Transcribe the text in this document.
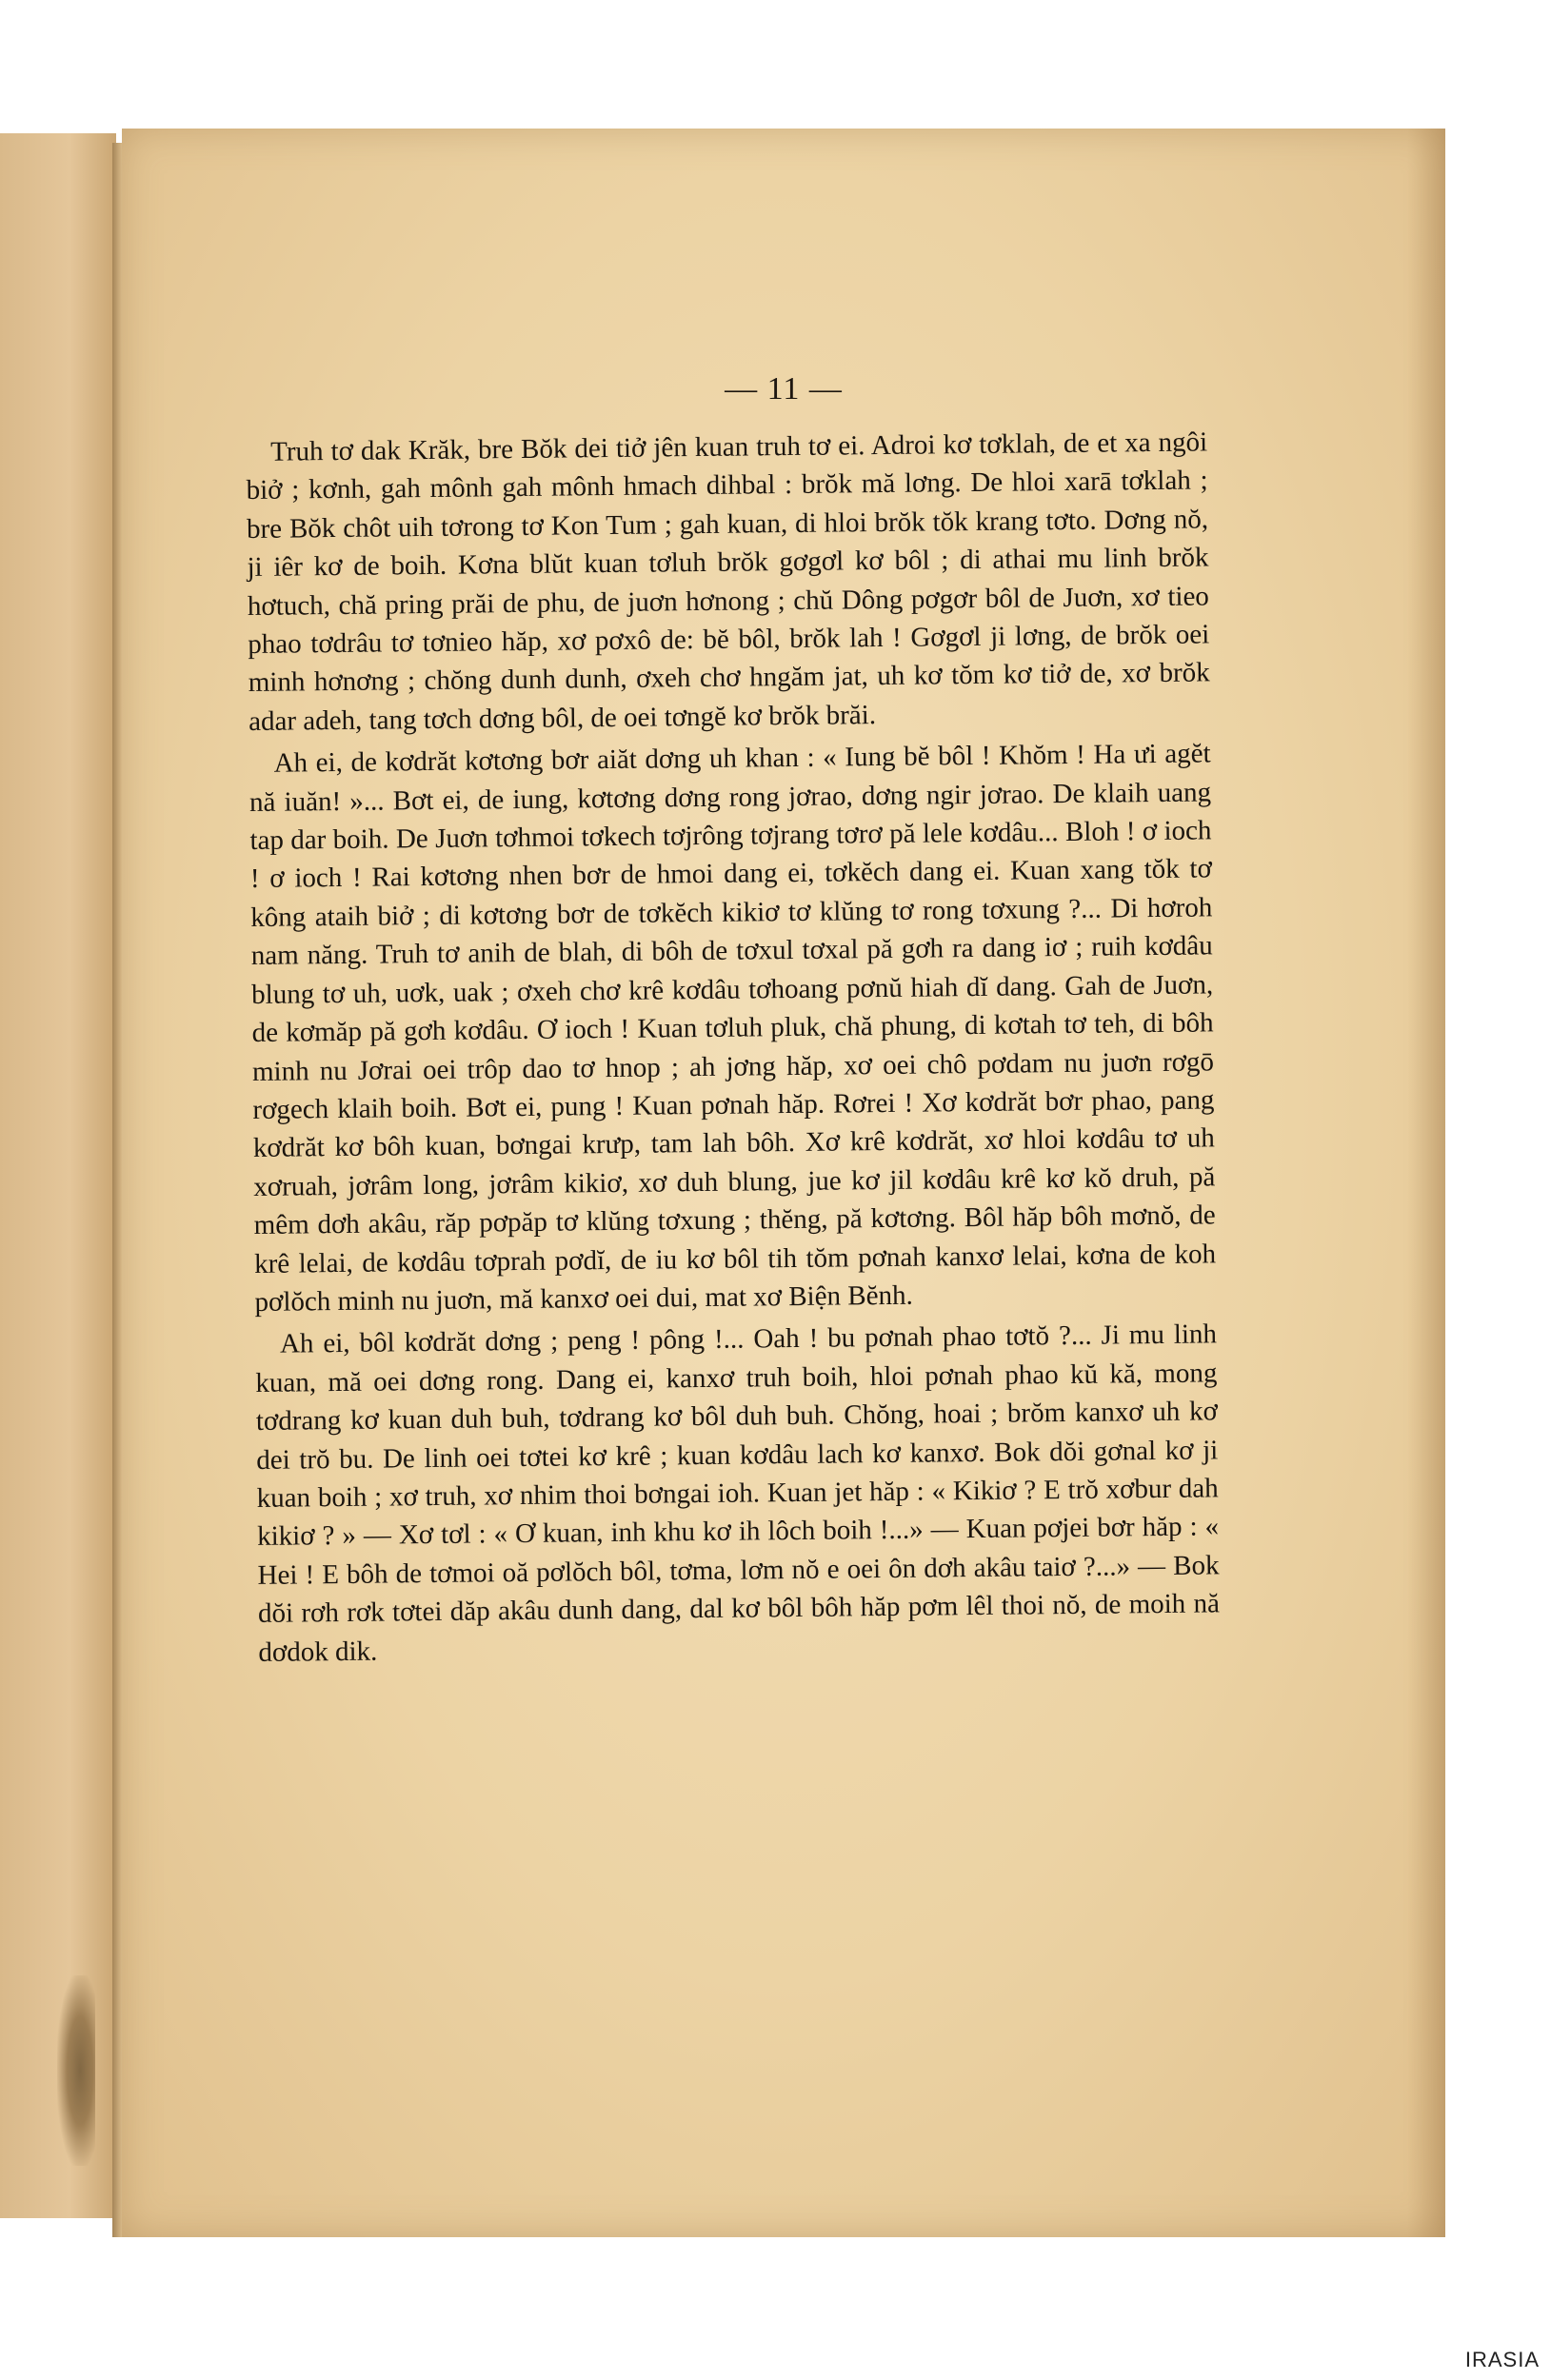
— 11 —

Truh tơ dak Krăk, bre Bŏk dei tiở jên kuan truh tơ ei. Adroi kơ tơklah, de et xa ngôi biở ; kơnh, gah mônh gah mônh hmach dihbal : brŏk mă lơng. De hloi xarā tơklah ; bre Bŏk chôt uih tơrong tơ Kon Tum ; gah kuan, di hloi brŏk tŏk krang tơto. Dơng nŏ, ji iêr kơ de boih. Kơna blŭt kuan tơluh brŏk gơgơl kơ bôl ; di athai mu linh brŏk hơtuch, chă pring prăi de phu, de juơn hơnong ; chŭ Dông pơgơr bôl de Juơn, xơ tieo phao tơdrâu tơ tơnieo hăp, xơ pơxô de: bĕ bôl, brŏk lah ! Gơgơl ji lơng, de brŏk oei minh hơnơng ; chŏng dunh dunh, ơxeh chơ hngăm jat, uh kơ tŏm kơ tiở de, xơ brŏk adar adeh, tang tơch dơng bôl, de oei tơngĕ kơ brŏk brăi.

Ah ei, de kơdrăt kơtơng bơr aiăt dơng uh khan : « Iung bĕ bôl ! Khŏm ! Ha ưi agĕt nă iuăn! »... Bơt ei, de iung, kơtơng dơng rong jơrao, dơng ngir jơrao. De klaih uang tap dar boih. De Juơn tơhmoi tơkech tơjrông tơjrang tơrơ pă lele kơdâu... Bloh ! ơ ioch ! ơ ioch ! Rai kơtơng nhen bơr de hmoi dang ei, tơkĕch dang ei. Kuan xang tŏk tơ kông ataih biở ; di kơtơng bơr de tơkĕch kikiơ tơ klŭng tơ rong tơxung ?... Di hơroh nam năng. Truh tơ anih de blah, di bôh de tơxul tơxal pă gơh ra dang iơ ; ruih kơdâu blung tơ uh, uơk, uak ; ơxeh chơ krê kơdâu tơhoang pơnŭ hiah dĭ dang. Gah de Juơn, de kơmăp pă gơh kơdâu. Ơ ioch ! Kuan tơluh pluk, chă phung, di kơtah tơ teh, di bôh minh nu Jơrai oei trôp dao tơ hnop ; ah jơng hăp, xơ oei chô pơdam nu juơn rơgō rơgech klaih boih. Bơt ei, pung ! Kuan pơnah hăp. Rơrei ! Xơ kơdrăt bơr phao, pang kơdrăt kơ bôh kuan, bơngai krưp, tam lah bôh. Xơ krê kơdrăt, xơ hloi kơdâu tơ uh xơruah, jơrâm long, jơrâm kikiơ, xơ duh blung, jue kơ jil kơdâu krê kơ kŏ druh, pă mêm dơh akâu, răp pơpăp tơ klŭng tơxung ; thĕng, pă kơtơng. Bôl hăp bôh mơnŏ, de krê lelai, de kơdâu tơprah pơdĭ, de iu kơ bôl tih tŏm pơnah kanxơ lelai, kơna de koh pơlŏch minh nu juơn, mă kanxơ oei dui, mat xơ Biện Bĕnh.

Ah ei, bôl kơdrăt dơng ; peng ! pông !... Oah ! bu pơnah phao tơtŏ ?... Ji mu linh kuan, mă oei dơng rong. Dang ei, kanxơ truh boih, hloi pơnah phao kŭ kă, mong tơdrang kơ kuan duh buh, tơdrang kơ bôl duh buh. Chŏng, hoai ; brŏm kanxơ uh kơ dei trŏ bu. De linh oei tơtei kơ krê ; kuan kơdâu lach kơ kanxơ. Bok dŏi gơnal kơ ji kuan boih ; xơ truh, xơ nhim thoi bơngai ioh. Kuan jet hăp : « Kikiơ ? E trŏ xơbur dah kikiơ ? » — Xơ tơl : « Ơ kuan, inh khu kơ ih lôch boih !...» — Kuan pơjei bơr hăp : « Hei ! E bôh de tơmoi oă pơlŏch bôl, tơma, lơm nŏ e oei ôn dơh akâu taiơ ?...» — Bok dŏi rơh rơk tơtei dăp akâu dunh dang, dal kơ bôl bôh hăp pơm lêl thoi nŏ, de moih nă dơdok dik.

IRASIA
